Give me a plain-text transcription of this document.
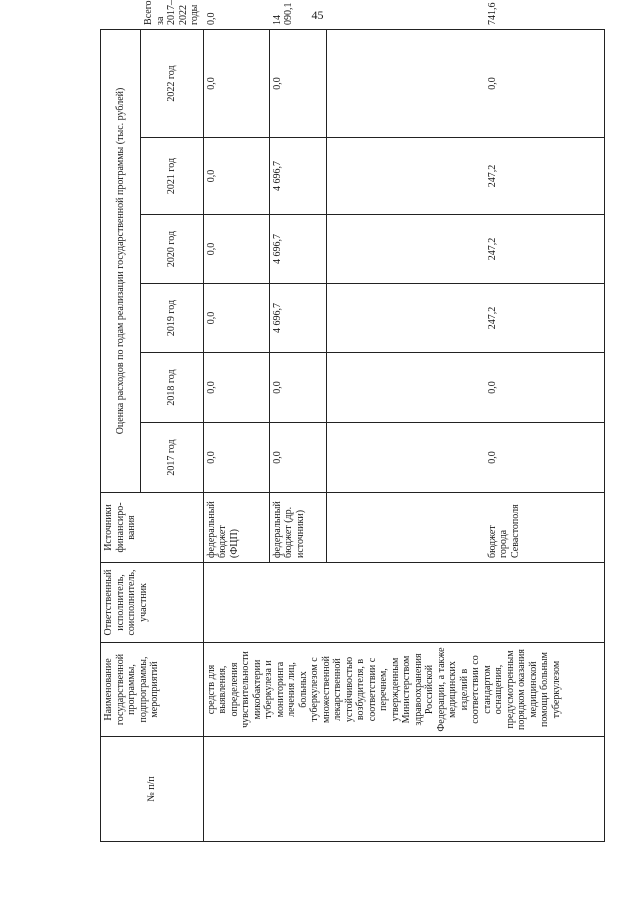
45
№ п/п	Наименование государственной программы, подпрограммы, мероприятий	Ответственный исполнитель, соисполнитель, участник	Источники финансиро-вания	Оценка расходов по годам реализации государственной программы (тыс. рублей)						
				2017 год	2018 год	2019 год	2020 год	2021 год	2022 год	Всего за 2017–2022 годы
	средств для выявления, определения чувствительности микобактерии туберкулеза и мониторинга лечения лиц, больных туберкулезом с множественной лекарственной устойчивостью возбудителя, в соответствии с перечнем, утвержденным Министерством здравоохранения Российской Федерации, а также медицинских изделий в соответствии со стандартом оснащения, предусмотренным порядком оказания медицинской помощи больным туберкулезом		федеральный бюджет (ФЦП)	0,0	0,0	0,0	0,0	0,0	0,0	0,0
			федеральный бюджет (др. источники)	0,0	0,0	4 696,7	4 696,7	4 696,7	0,0	14 090,1
			бюджет города Севастополя	0,0	0,0	247,2	247,2	247,2	0,0	741,6
